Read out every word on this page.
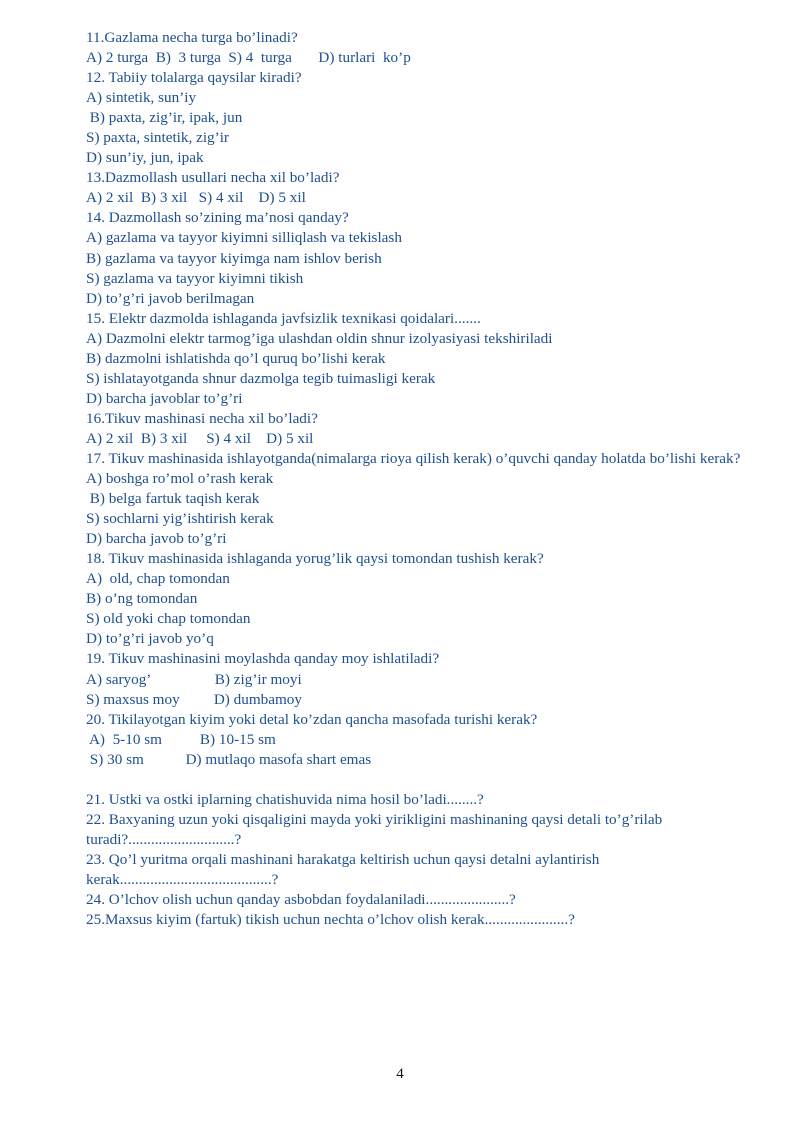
11.Gazlama necha turga bo’linadi?
A) 2 turga  B)  3 turga  S) 4  turga       D) turlari  ko’p
12. Tabiiy tolalarga qaysilar kiradi?
A) sintetik, sun’iy
B) paxta, zig’ir, ipak, jun
S) paxta, sintetik, zig’ir
D) sun’iy, jun, ipak
13.Dazmollash usullari necha xil bo’ladi?
A) 2 xil  B) 3 xil   S) 4 xil    D) 5 xil
14. Dazmollash so’zining ma’nosi qanday?
A) gazlama va tayyor kiyimni silliqlash va tekislash
B) gazlama va tayyor kiyimga nam ishlov berish
S) gazlama va tayyor kiyimni tikish
D) to’g’ri javob berilmagan
15. Elektr dazmolda ishlaganda javfsizlik texnikasi qoidalari.......
A) Dazmolni elektr tarmog’iga ulashdan oldin shnur izolyasiyasi tekshiriladi
B) dazmolni ishlatishda qo’l quruq bo’lishi kerak
S) ishlatayotganda shnur dazmolga tegib tuimasligi kerak
D) barcha javoblar to’g’ri
16.Tikuv mashinasi necha xil bo’ladi?
A) 2 xil  B) 3 xil     S) 4 xil    D) 5 xil
17. Tikuv mashinasida ishlayotganda(nimalarga rioya qilish kerak) o’quvchi qanday holatda bo’lishi kerak?
A) boshga ro’mol o’rash kerak
B) belga fartuk taqish kerak
S) sochlarni yig’ishtirish kerak
D) barcha javob to’g’ri
18. Tikuv mashinasida ishlaganda yorug’lik qaysi tomondan tushish kerak?
A)  old, chap tomondan
B) o’ng tomondan
S) old yoki chap tomondan
D) to’g’ri javob yo’q
19. Tikuv mashinasini moylashda qanday moy ishlatiladi?
A) saryog’                 B) zig’ir moyi
S) maxsus moy         D) dumbamoy
20. Tikilayotgan kiyim yoki detal ko’zdan qancha masofada turishi kerak?
A)  5-10 sm          B) 10-15 sm
S) 30 sm           D) mutlaqo masofa shart emas
21. Ustki va ostki iplarning chatishuvida nima hosil bo’ladi........?
22. Baxyaning uzun yoki qisqaligini mayda yoki yirikligini mashinaning qaysi detali to’g’rilab turadi?............................?
23. Qo’l yuritma orqali mashinani harakatga keltirish uchun qaysi detalni aylantirish kerak........................................?
24. O’lchov olish uchun qanday asbobdan foydalaniladi......................?
25.Maxsus kiyim (fartuk) tikish uchun nechta o’lchov olish kerak......................?
4
